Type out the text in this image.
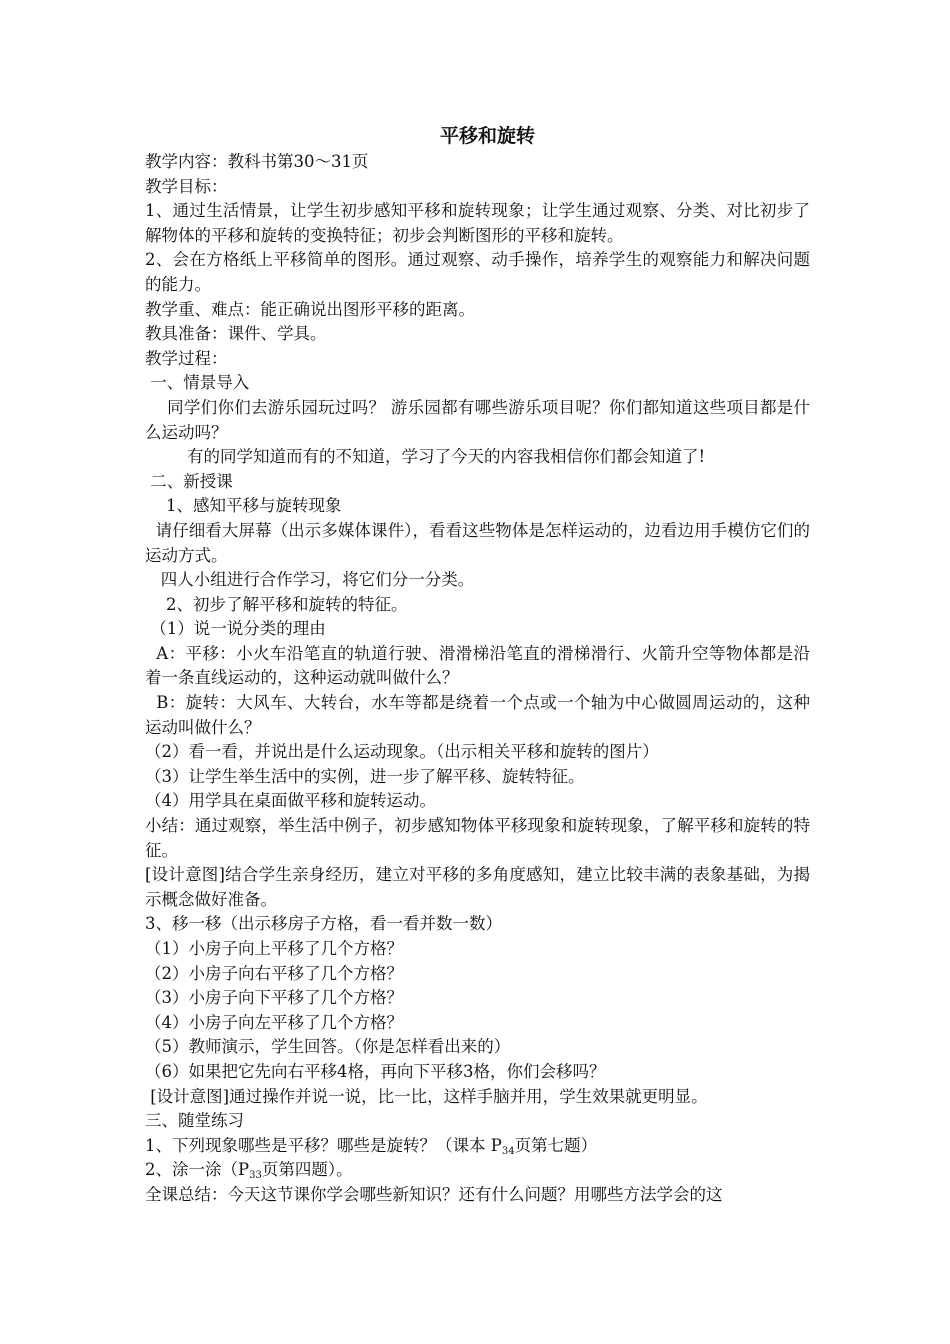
平移和旋转

教学内容：教科书第30～31页

教学目标：

1、通过生活情景，让学生初步感知平移和旋转现象；让学生通过观察、分类、对比初步了解物体的平移和旋转的变换特征；初步会判断图形的平移和旋转。

2、会在方格纸上平移简单的图形。通过观察、动手操作，培养学生的观察能力和解决问题的能力。

教学重、难点：能正确说出图形平移的距离。

教具准备：课件、学具。

教学过程：

一、情景导入

同学们你们去游乐园玩过吗？ 游乐园都有哪些游乐项目呢？你们都知道这些项目都是什么运动吗？

有的同学知道而有的不知道，学习了今天的内容我相信你们都会知道了!

二、新授课

1、感知平移与旋转现象

请仔细看大屏幕（出示多媒体课件），看看这些物体是怎样运动的，边看边用手模仿它们的运动方式。

四人小组进行合作学习，将它们分一分类。

2、初步了解平移和旋转的特征。

（1）说一说分类的理由

A：平移：小火车沿笔直的轨道行驶、滑滑梯沿笔直的滑梯滑行、火箭升空等物体都是沿着一条直线运动的，这种运动就叫做什么？

B：旋转：大风车、大转台，水车等都是绕着一个点或一个轴为中心做圆周运动的，这种运动叫做什么？

（2）看一看，并说出是什么运动现象。（出示相关平移和旋转的图片）

（3）让学生举生活中的实例，进一步了解平移、旋转特征。

（4）用学具在桌面做平移和旋转运动。

小结：通过观察，举生活中例子，初步感知物体平移现象和旋转现象，了解平移和旋转的特征。

[设计意图]结合学生亲身经历，建立对平移的多角度感知，建立比较丰满的表象基础，为揭示概念做好准备。

3、移一移（出示移房子方格，看一看并数一数）

（1）小房子向上平移了几个方格？

（2）小房子向右平移了几个方格？

（3）小房子向下平移了几个方格？

（4）小房子向左平移了几个方格？

（5）教师演示，学生回答。（你是怎样看出来的）

（6）如果把它先向右平移4格，再向下平移3格，你们会移吗？

[设计意图]通过操作并说一说，比一比，这样手脑并用，学生效果就更明显。

三、随堂练习

1、下列现象哪些是平移？哪些是旋转？（课本 $P_{34}$页第七题）

2、涂一涂（$P_{33}$页第四题）。

全课总结：今天这节课你学会哪些新知识？还有什么问题？用哪些方法学会的这
